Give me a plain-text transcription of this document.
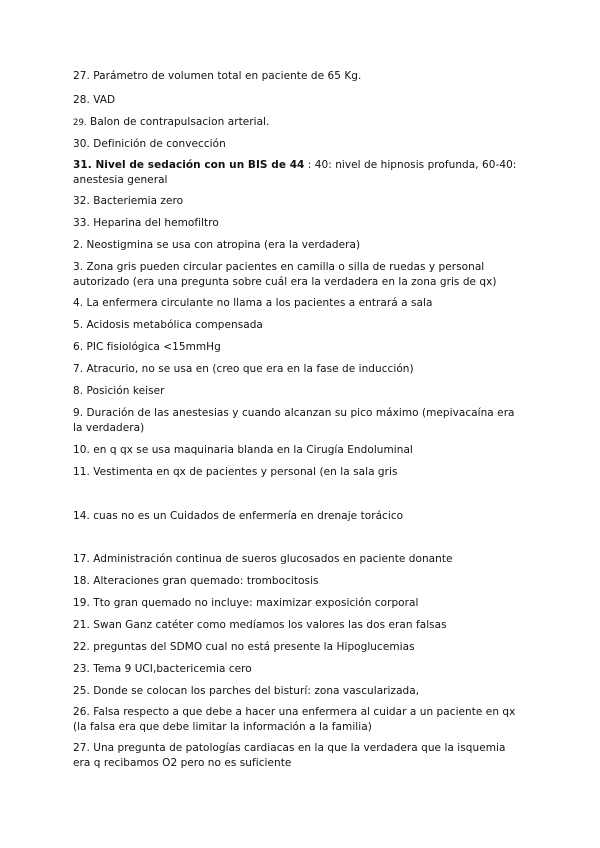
27. Parámetro de volumen total en paciente de 65 Kg.
28. VAD
29. Balon de contrapulsacion arterial.
30. Definición de convección
31. Nivel de sedación con un BIS de 44 : 40: nivel de hipnosis profunda, 60-40: anestesia general
32. Bacteriemia zero
33. Heparina del hemofiltro
2. Neostigmina se usa con atropina (era la verdadera)
3. Zona gris pueden circular pacientes en camilla o silla de ruedas y personal autorizado (era una pregunta sobre cuál era la verdadera en la zona gris de qx)
4. La enfermera circulante no llama a los pacientes a entrará a sala
5. Acidosis metabólica compensada
6. PIC fisiológica <15mmHg
7. Atracurio, no se usa en (creo que era en la fase de inducción)
8. Posición keiser
9. Duración de las anestesias y cuando alcanzan su pico máximo (mepivacaína era la verdadera)
10. en q qx se usa maquinaria blanda en la Cirugía Endoluminal
11. Vestimenta en qx de pacientes y personal (en la sala gris
14. cuas no es un Cuidados de enfermería en drenaje torácico
17. Administración continua de sueros glucosados en paciente donante
18. Alteraciones gran quemado: trombocitosis
19. Tto gran quemado no incluye: maximizar exposición corporal
21. Swan Ganz catéter como medíamos los valores las dos eran falsas
22. preguntas del SDMO cual no está presente la Hipoglucemias
23. Tema 9 UCI,bactericemia cero
25. Donde se colocan los parches del bisturí: zona vascularizada,
26. Falsa respecto a que debe a hacer una enfermera al cuidar a un paciente en qx (la falsa era que debe limitar la información a la familia)
27. Una pregunta de patologías cardiacas en la que la verdadera que la isquemia era q recibamos O2 pero no es suficiente
